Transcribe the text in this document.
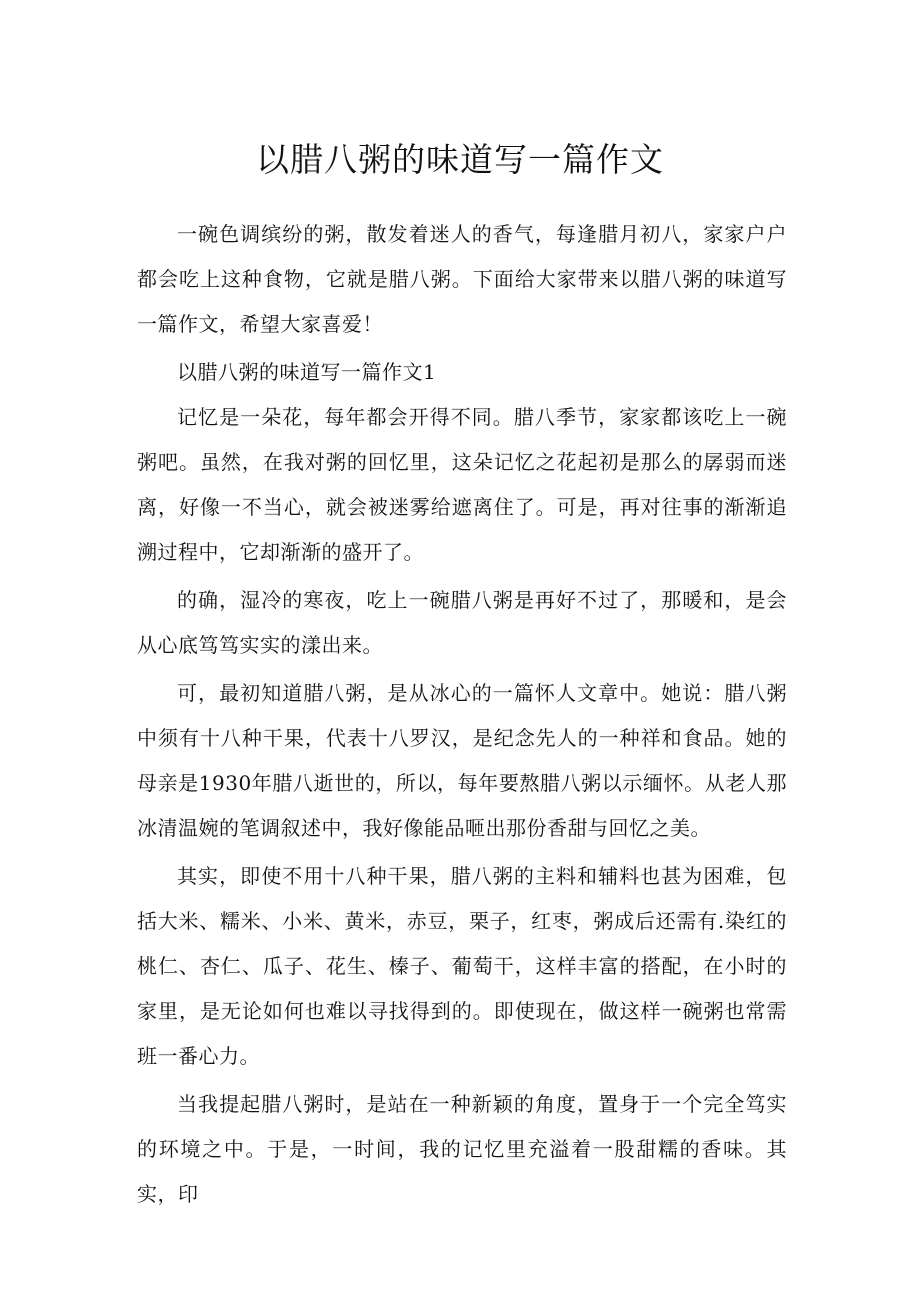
以腊八粥的味道写一篇作文

一碗色调缤纷的粥，散发着迷人的香气，每逢腊月初八，家家户户都会吃上这种食物，它就是腊八粥。下面给大家带来以腊八粥的味道写一篇作文，希望大家喜爱！

以腊八粥的味道写一篇作文1

记忆是一朵花，每年都会开得不同。腊八季节，家家都该吃上一碗粥吧。虽然，在我对粥的回忆里，这朵记忆之花起初是那么的孱弱而迷离，好像一不当心，就会被迷雾给遮离住了。可是，再对往事的渐渐追溯过程中，它却渐渐的盛开了。

的确，湿冷的寒夜，吃上一碗腊八粥是再好不过了，那暖和，是会从心底笃笃实实的漾出来。

可，最初知道腊八粥，是从冰心的一篇怀人文章中。她说：腊八粥中须有十八种干果，代表十八罗汉，是纪念先人的一种祥和食品。她的母亲是1930年腊八逝世的，所以，每年要熬腊八粥以示缅怀。从老人那冰清温婉的笔调叙述中，我好像能品咂出那份香甜与回忆之美。

其实，即使不用十八种干果，腊八粥的主料和辅料也甚为困难，包括大米、糯米、小米、黄米，赤豆，栗子，红枣，粥成后还需有.染红的桃仁、杏仁、瓜子、花生、榛子、葡萄干，这样丰富的搭配，在小时的家里，是无论如何也难以寻找得到的。即使现在，做这样一碗粥也常需班一番心力。

当我提起腊八粥时，是站在一种新颖的角度，置身于一个完全笃实的环境之中。于是，一时间，我的记忆里充溢着一股甜糯的香味。其实，印
